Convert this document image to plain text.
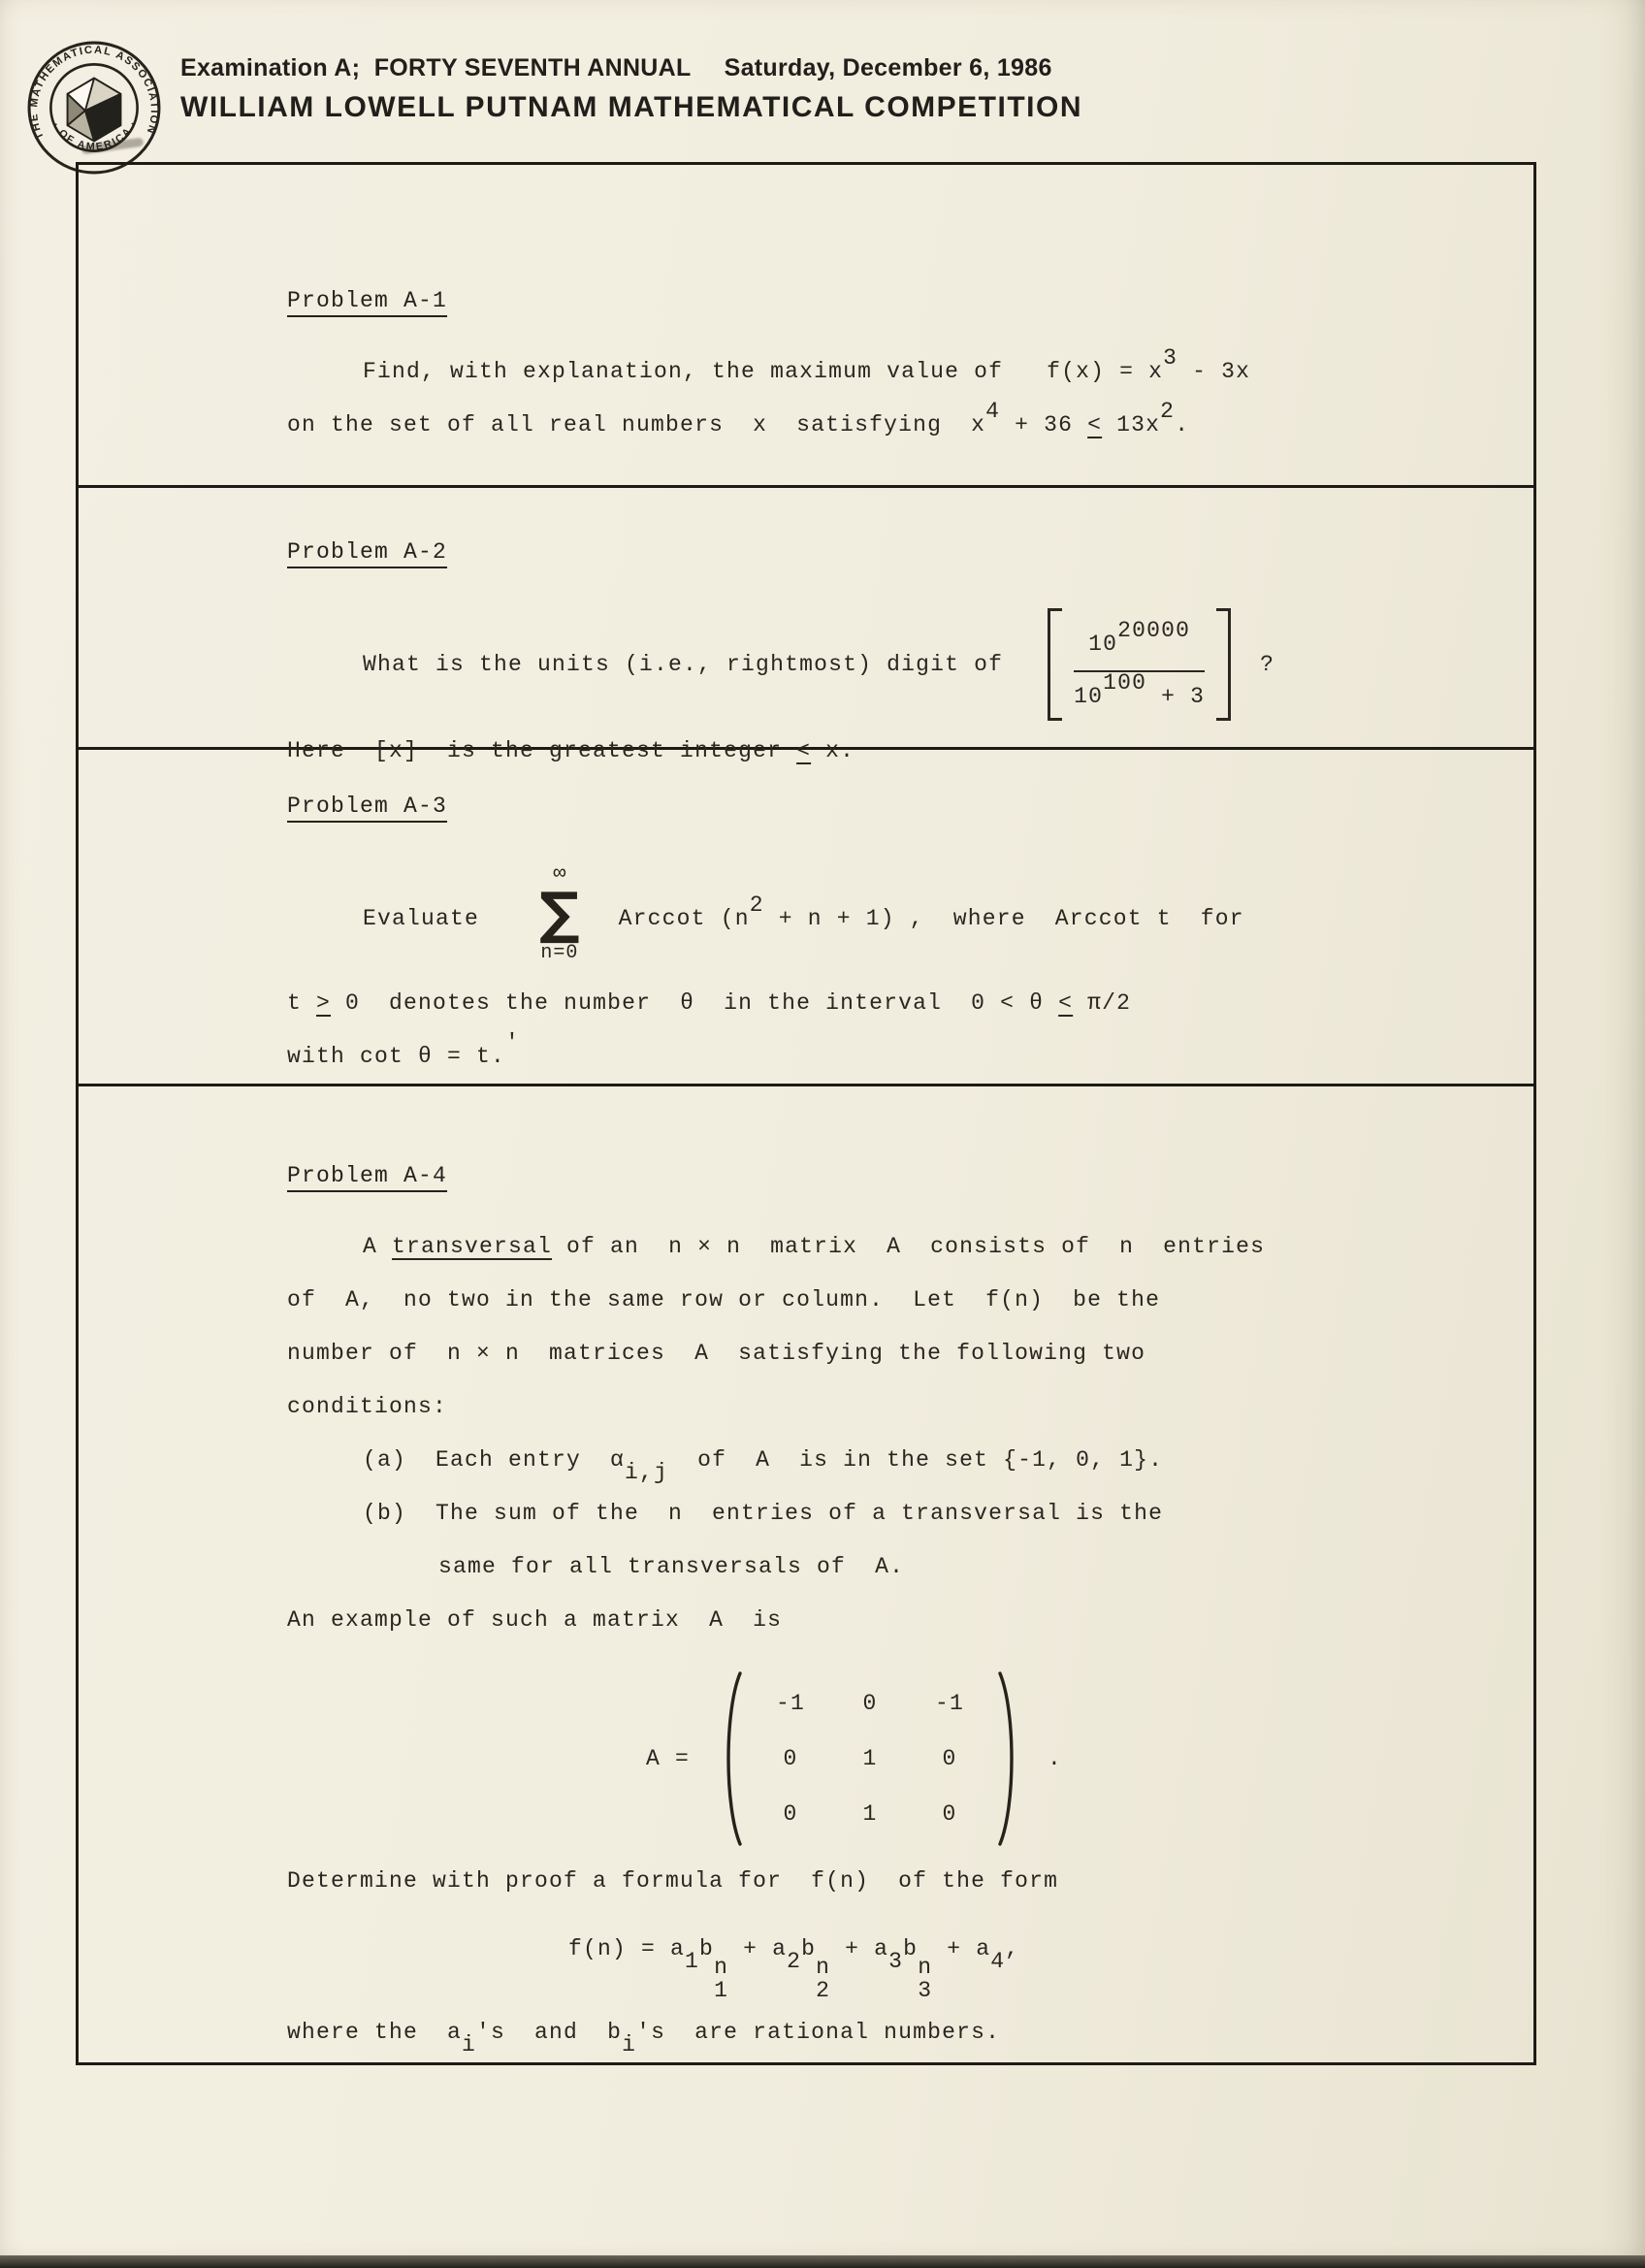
THE MATHEMATICAL ASSOCIATION
· OF AMERICA ·
Examination A;  FORTY SEVENTH ANNUAL Saturday, December 6, 1986
WILLIAM LOWELL PUTNAM MATHEMATICAL COMPETITION
Problem A-1

Find, with explanation, the maximum value of   f(x) = x3 - 3x

on the set of all real numbers  x  satisfying  x4 + 36 < 13x2.

Problem A-2
What is the units (i.e., rightmost) digit of	$\frac{1020000}{10100 + 3}$ ?

Here  [x]  is the greatest integer < x.

Problem A-3
Evaluate
∞
∑
n=0
Arccot (n2 + n + 1) ,  where  Arccot t  for

t > 0  denotes the number  θ  in the interval  0 < θ < π/2

with cot θ = t.'

Problem A-4

A transversal of an  n × n  matrix  A  consists of  n  entries

of  A,  no two in the same row or column.  Let  f(n)  be the

number of  n × n  matrices  A  satisfying the following two

conditions:

(a)  Each entry  αi,j  of  A  is in the set {-1, 0, 1}.

(b)  The sum of the  n  entries of a transversal is the

same for all transversals of  A.

An example of such a matrix  A  is

A =
-1	0	-1
0	1	0
0	1	0
.

Determine with proof a formula for  f(n)  of the form

f(n) = a1b
n
1
+ a2b
n
2
+ a3b
n
3
+ a4,

where the  ai's  and  bi's  are rational numbers.
